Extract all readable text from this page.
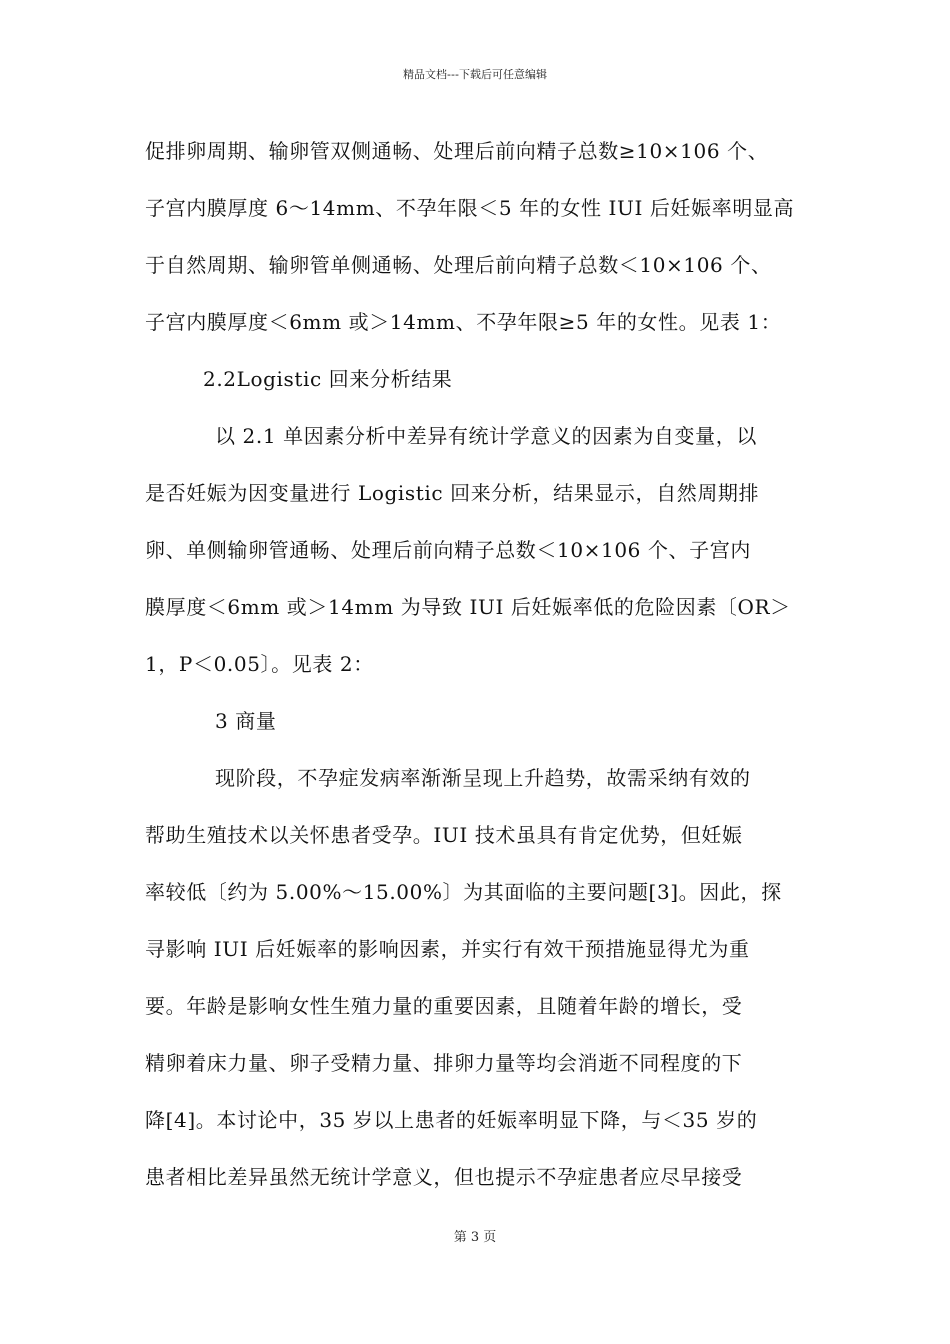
精品文档---下载后可任意编辑
促排卵周期、输卵管双侧通畅、处理后前向精子总数≥10×106 个、
子宫内膜厚度 6～14mm、不孕年限＜5 年的女性 IUI 后妊娠率明显高
于自然周期、输卵管单侧通畅、处理后前向精子总数＜10×106 个、
子宫内膜厚度＜6mm 或＞14mm、不孕年限≥5 年的女性。见表 1：
2.2Logistic 回来分析结果
以 2.1 单因素分析中差异有统计学意义的因素为自变量，以
是否妊娠为因变量进行 Logistic 回来分析，结果显示，自然周期排
卵、单侧输卵管通畅、处理后前向精子总数＜10×106 个、子宫内
膜厚度＜6mm 或＞14mm 为导致 IUI 后妊娠率低的危险因素〔OR＞
1，P＜0.05〕。见表 2：
3 商量
现阶段，不孕症发病率渐渐呈现上升趋势，故需采纳有效的
帮助生殖技术以关怀患者受孕。IUI 技术虽具有肯定优势，但妊娠
率较低〔约为 5.00%～15.00%〕为其面临的主要问题[3]。因此，探
寻影响 IUI 后妊娠率的影响因素，并实行有效干预措施显得尤为重
要。年龄是影响女性生殖力量的重要因素，且随着年龄的增长，受
精卵着床力量、卵子受精力量、排卵力量等均会消逝不同程度的下
降[4]。本讨论中，35 岁以上患者的妊娠率明显下降，与＜35 岁的
患者相比差异虽然无统计学意义，但也提示不孕症患者应尽早接受
第 3 页
